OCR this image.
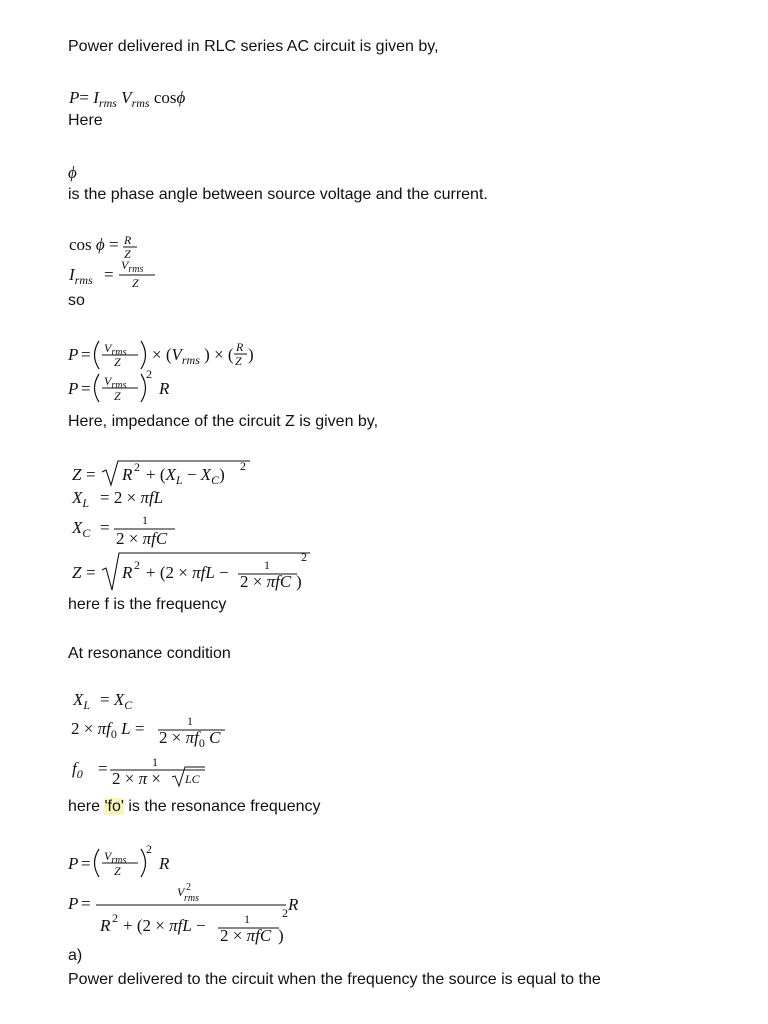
Power delivered in RLC series AC circuit is given by,
Here
is the phase angle between source voltage and the current.
so
Here, impedance of the circuit Z is given by,
here f is the frequency
At resonance condition
here 'fo' is the resonance frequency
a)
Power delivered to the circuit when the frequency the source is equal to the
$P= I_{rms}$ $V_{rms}$ cosϕ
ϕ
cos ϕ = R
Z
$I_{rms} = V_{rms}$
Z
$P = V_{rms}$
$Z \times (V_{rms}$ ) × ( R
Z )
$P = V_{rms}$
Z
2
R
Z = R $2 + (X_L - X_C)$ 2
$X_L = 2 \times \pi fL$
$X_C$ =	1
2 × πfC
Z = R 2 + (2 × πfL −	1
2 × πfC )
2
$X_L = X_C$
$2 \times \pi f_0$ L =	1
$2 \times \pi f_0$ C
$f_0$ =	1
2 × π × LC
$P = V_{rms}$
Z
2
R
P =
V 2
rms	R
R 2 + (2 × πfL −	1
2 × πfC )
2
